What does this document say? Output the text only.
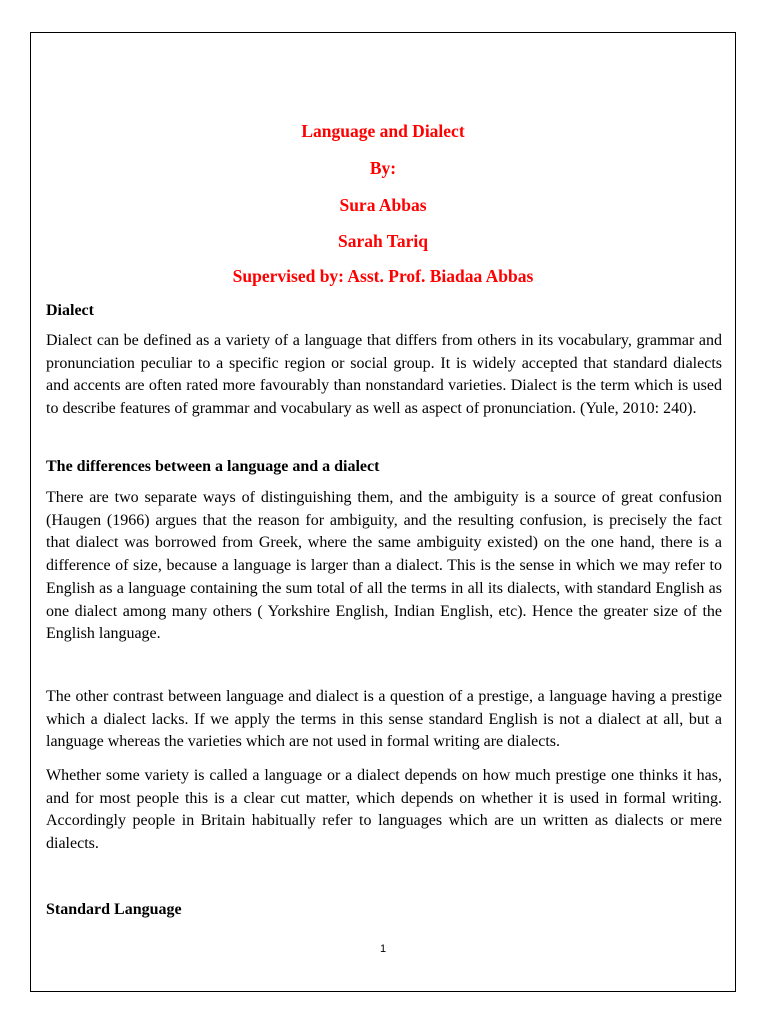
Language and Dialect
By:
Sura Abbas
Sarah Tariq
Supervised by: Asst. Prof. Biadaa Abbas

Dialect

Dialect can be defined as a variety of a language that differs from others in its vocabulary, grammar and pronunciation peculiar to a specific region or social group. It is widely accepted that standard dialects and accents are often rated more favourably than nonstandard varieties. Dialect is the term which is used to describe features of grammar and vocabulary as well as aspect of pronunciation. (Yule, 2010: 240).

The differences between a language and a dialect

There are two separate ways of distinguishing them, and the ambiguity is a source of great confusion (Haugen (1966) argues that the reason for ambiguity, and the resulting confusion, is precisely the fact that dialect was borrowed from Greek, where the same ambiguity existed) on the one hand, there is a difference of size, because a language is larger than a dialect. This is the sense in which we may refer to English as a language containing the sum total of all the terms in all its dialects, with standard English as one dialect among many others ( Yorkshire English, Indian English, etc). Hence the greater size of the English language.

The other contrast between language and dialect is a question of a prestige, a language having a prestige which a dialect lacks. If we apply the terms in this sense standard English is not a dialect at all, but a language whereas the varieties which are not used in formal writing are dialects.

Whether some variety is called a language or a dialect depends on how much prestige one thinks it has, and for most people this is a clear cut matter, which depends on whether it is used in formal writing. Accordingly people in Britain habitually refer to languages which are un written as dialects or mere dialects.

Standard Language

1
